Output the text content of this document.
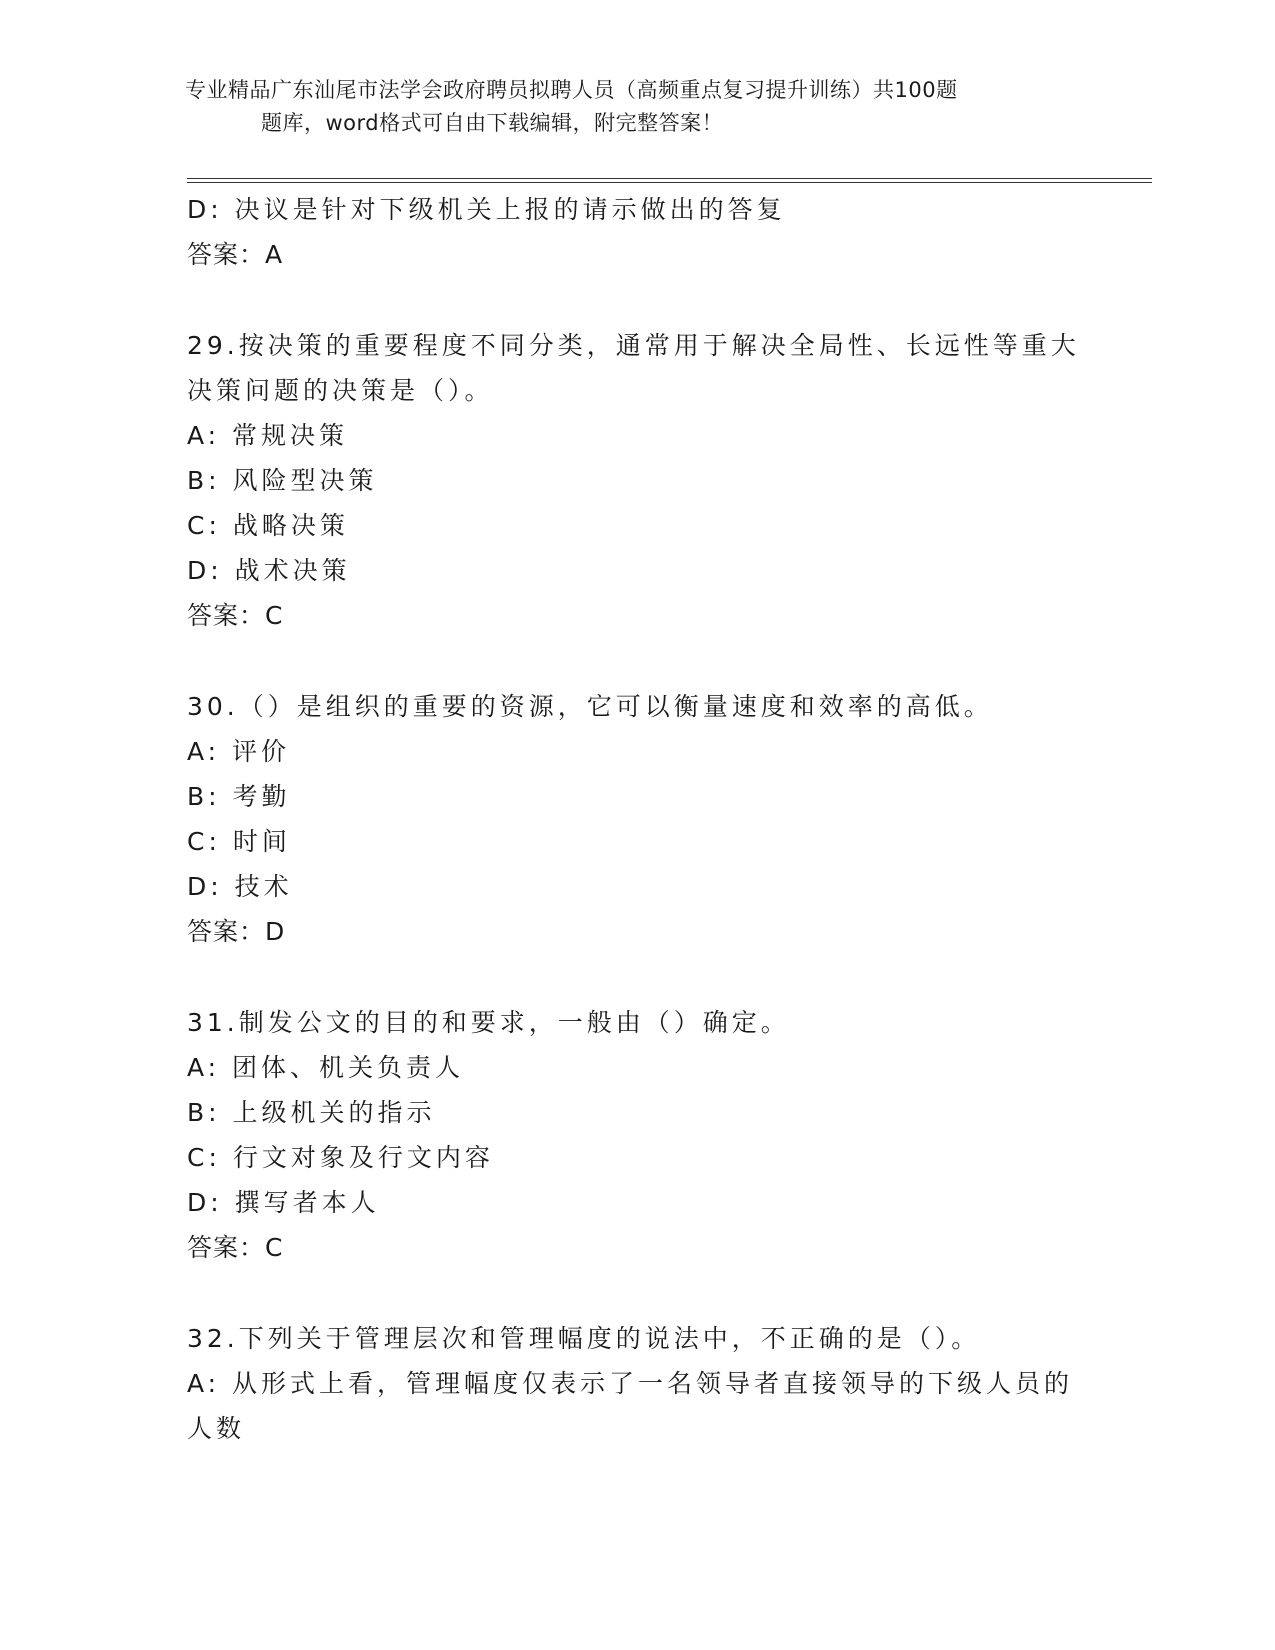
专业精品广东汕尾市法学会政府聘员拟聘人员（高频重点复习提升训练）共100题
题库，word格式可自由下载编辑，附完整答案！
D: 决议是针对下级机关上报的请示做出的答复
答案：A
29.按决策的重要程度不同分类，通常用于解决全局性、长远性等重大决策问题的决策是（）。
A: 常规决策
B: 风险型决策
C: 战略决策
D: 战术决策
答案：C
30.（）是组织的重要的资源，它可以衡量速度和效率的高低。
A: 评价
B: 考勤
C: 时间
D: 技术
答案：D
31.制发公文的目的和要求，一般由（）确定。
A: 团体、机关负责人
B: 上级机关的指示
C: 行文对象及行文内容
D: 撰写者本人
答案：C
32.下列关于管理层次和管理幅度的说法中，不正确的是（）。
A: 从形式上看，管理幅度仅表示了一名领导者直接领导的下级人员的人数
